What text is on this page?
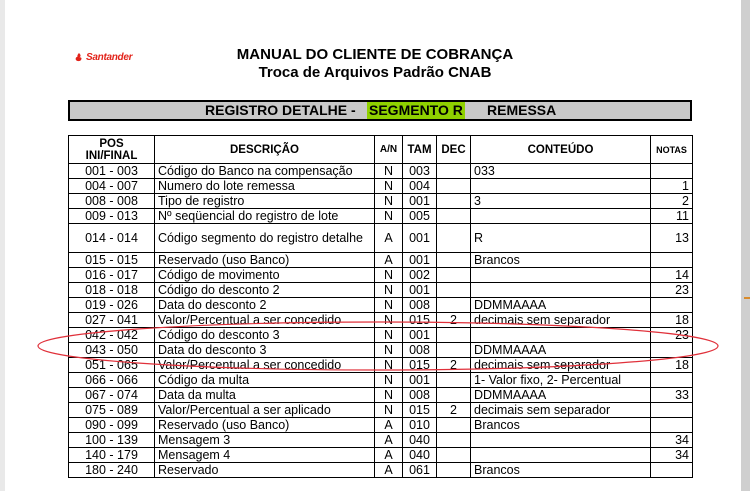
Santander	MANUAL DO CLIENTE DE COBRANÇA
Troca de Arquivos Padrão CNAB
REGISTRO DETALHE - SEGMENTO R REMESSA
POS
INI/FINAL	DESCRIÇÃO	A/N	TAM	DEC	CONTEÚDO	NOTAS
001 - 003	Código do Banco na compensação	N	003		033	
004 - 007	Numero do lote remessa	N	004			1
008 - 008	Tipo de registro	N	001		3	2
009 - 013	Nº seqüencial do registro de lote	N	005			11
014 - 014	Código segmento do registro detalhe	A	001		R	13
015 - 015	Reservado (uso Banco)	A	001		Brancos	
016 - 017	Código de movimento	N	002			14
018 - 018	Código do desconto 2	N	001			23
019 - 026	Data do desconto 2	N	008		DDMMAAAA	
027 - 041	Valor/Percentual a ser concedido	N	015	2	decimais sem separador	18
042 - 042	Código do desconto 3	N	001			23
043 - 050	Data do desconto 3	N	008		DDMMAAAA	
051 - 065	Valor/Percentual a ser concedido	N	015	2	decimais sem separador	18
066 - 066	Código da multa	N	001		1- Valor fixo, 2- Percentual	
067 - 074	Data da multa	N	008		DDMMAAAA	33
075 - 089	Valor/Percentual a ser aplicado	N	015	2	decimais sem separador	
090 - 099	Reservado (uso Banco)	A	010		Brancos	
100 - 139	Mensagem 3	A	040			34
140 - 179	Mensagem 4	A	040			34
180 - 240	Reservado	A	061		Brancos	
